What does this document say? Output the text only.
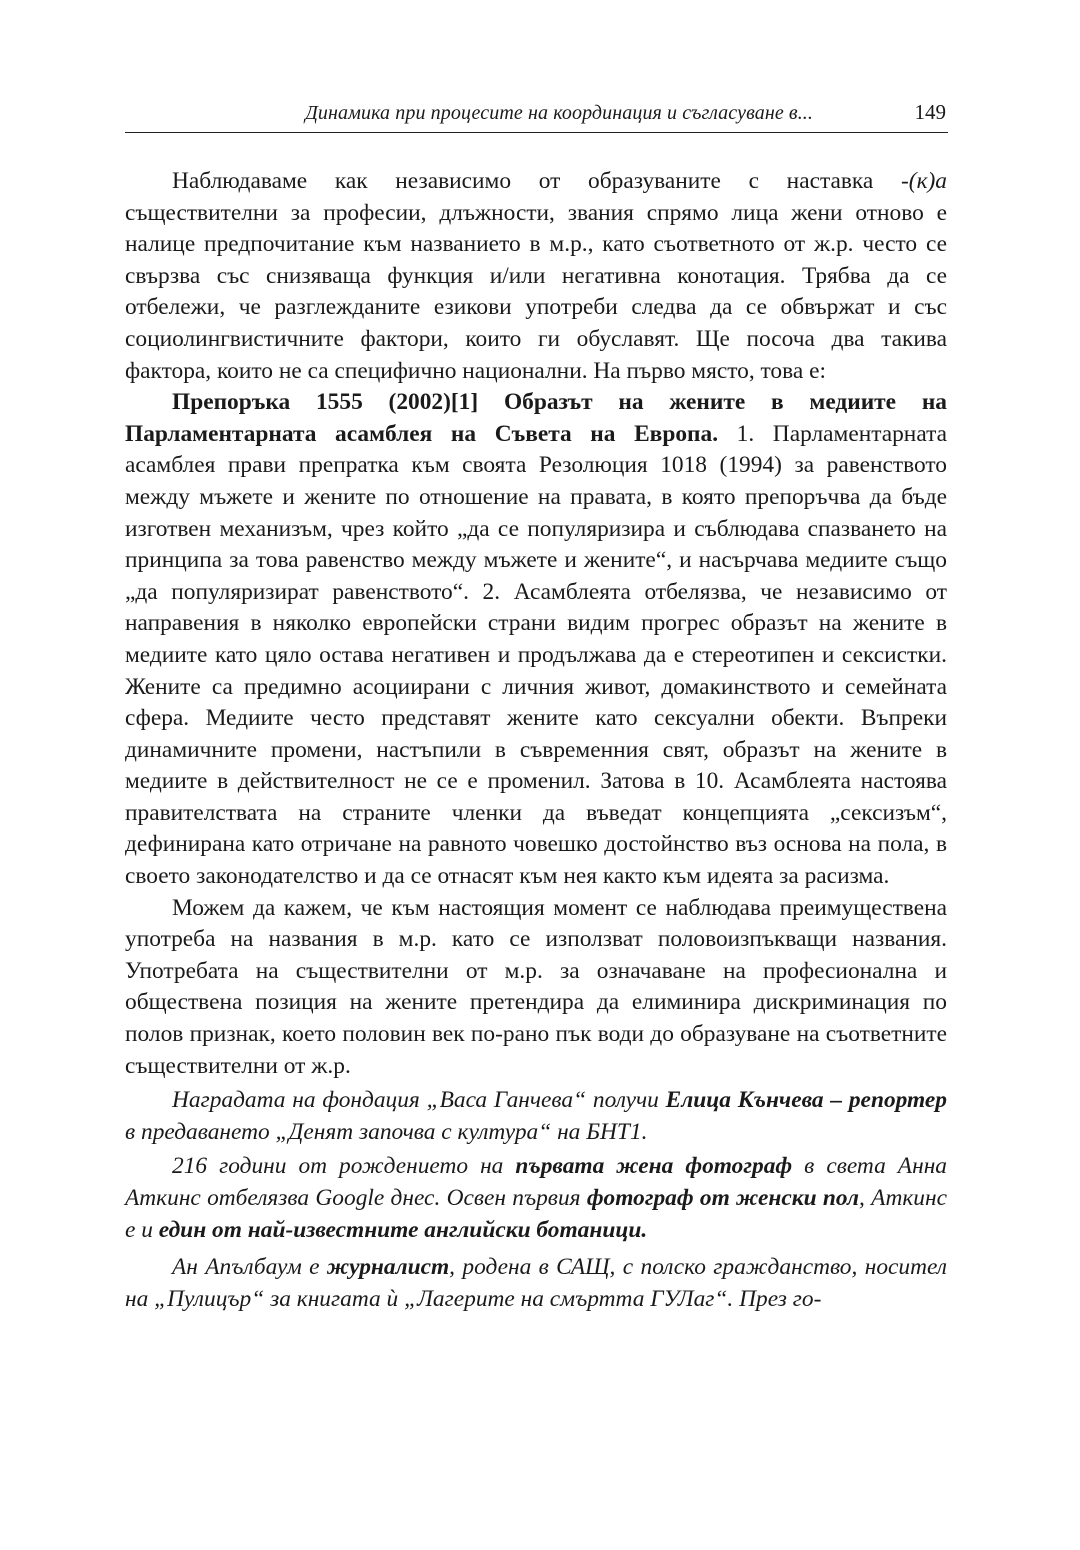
Динамика при процесите на координация и съгласуване в...	149

Наблюдаваме как независимо от образуваните с наставка -(к)а съществителни за професии, длъжности, звания спрямо лица жени отново е налице предпочитание към названието в м.р., като съответното от ж.р. често се свързва със снизяваща функция и/или негативна конотация. Трябва да се отбележи, че разглежданите езикови употреби следва да се обвържат и със социолингвистичните фактори, които ги обуславят. Ще посоча два такива фактора, които не са специфично национални. На първо място, това е:

Препоръка 1555 (2002)[1] Образът на жените в медиите на Парламентарната асамблея на Съвета на Европа. 1. Парламентарната асамблея прави препратка към своята Резолюция 1018 (1994) за равенството между мъжете и жените по отношение на правата, в която препоръчва да бъде изготвен механизъм, чрез който „да се популяризира и съблюдава спазването на принципа за това равенство между мъжете и жените“, и насърчава медиите също „да популяризират равенството“. 2. Асамблеята отбелязва, че независимо от направения в няколко европейски страни видим прогрес образът на жените в медиите като цяло остава негативен и продължава да е стереотипен и сексистки. Жените са предимно асоциирани с личния живот, домакинството и семейната сфера. Медиите често представят жените като сексуални обекти. Въпреки динамичните промени, настъпили в съвременния свят, образът на жените в медиите в действителност не се е променил. Затова в 10. Асамблеята настоява правителствата на страните членки да въведат концепцията „сексизъм“, дефинирана като отричане на равното човешко достойнство въз основа на пола, в своето законодателство и да се отнасят към нея както към идеята за расизма.

Можем да кажем, че към настоящия момент се наблюдава преимуществена употреба на названия в м.р. като се използват половоизпъкващи названия. Употребата на съществителни от м.р. за означаване на професионална и обществена позиция на жените претендира да елиминира дискриминация по полов признак, което половин век по-рано пък води до образуване на съответните съществителни от ж.р.

Наградата на фондация „Васа Ганчева“ получи Елица Кънчева – репортер в предаването „Денят започва с култура“ на БНТ1.

216 години от рождението на първата жена фотограф в света Анна Аткинс отбелязва Google днес. Освен първия фотограф от женски пол, Аткинс е и един от най-известните английски ботаници.

Ан Апълбаум е журналист, родена в САЩ, с полско гражданство, носител на „Пулицър“ за книгата ѝ „Лагерите на смъртта ГУЛаг“. През го-
